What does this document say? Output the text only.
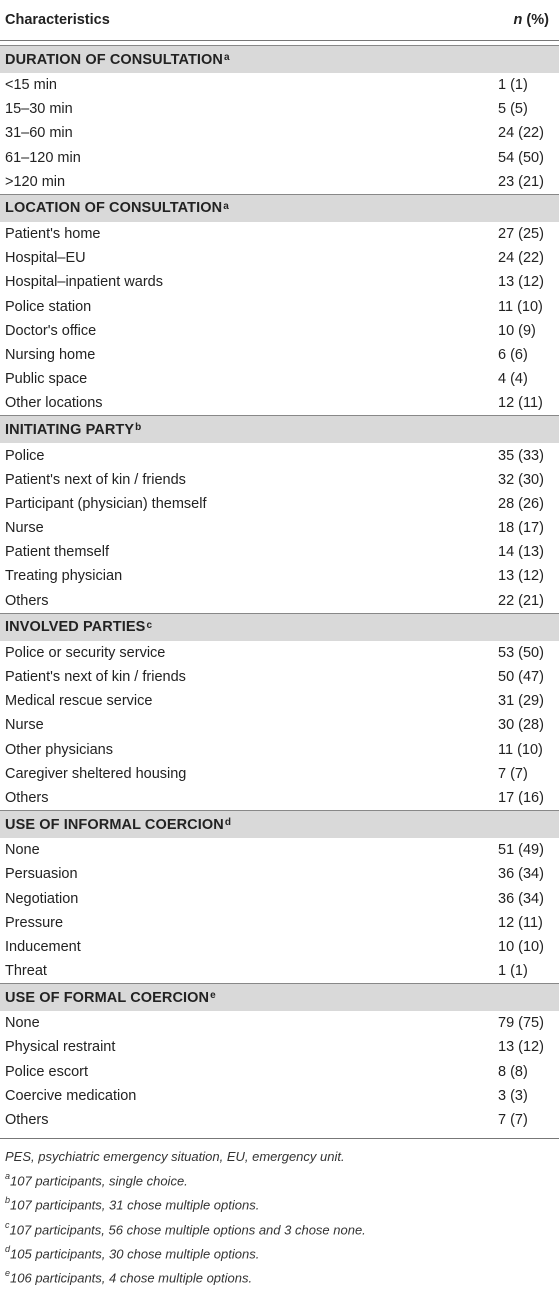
Characteristics	n (%)
DURATION OF $CONSULTATION^a$
<15 min	1 (1)
15–30 min	5 (5)
31–60 min	24 (22)
61–120 min	54 (50)
>120 min	23 (21)
LOCATION OF CONSULTATION$^a$
Patient's home	27 (25)
Hospital–EU	24 (22)
Hospital–inpatient wards	13 (12)
Police station	11 (10)
Doctor's office	10 (9)
Nursing home	6 (6)
Public space	4 (4)
Other locations	12 (11)
INITIATING PARTY$^b$
Police	35 (33)
Patient's next of kin / friends	32 (30)
Participant (physician) themself	28 (26)
Nurse	18 (17)
Patient themself	14 (13)
Treating physician	13 (12)
Others	22 (21)
INVOLVED PARTIES$^c$
Police or security service	53 (50)
Patient's next of kin / friends	50 (47)
Medical rescue service	31 (29)
Nurse	30 (28)
Other physicians	11 (10)
Caregiver sheltered housing	7 (7)
Others	17 (16)
USE OF INFORMAL COERCION$^d$
None	51 (49)
Persuasion	36 (34)
Negotiation	36 (34)
Pressure	12 (11)
Inducement	10 (10)
Threat	1 (1)
USE OF FORMAL COERCION$^e$
None	79 (75)
Physical restraint	13 (12)
Police escort	8 (8)
Coercive medication	3 (3)
Others	7 (7)
PES, psychiatric emergency situation, EU, emergency unit.
$^a$107 participants, single choice.
$^b$107 participants, 31 chose multiple options.
$^c$107 participants, 56 chose multiple options and 3 chose none.
$^d$105 participants, 30 chose multiple options.
$^e$106 participants, 4 chose multiple options.
